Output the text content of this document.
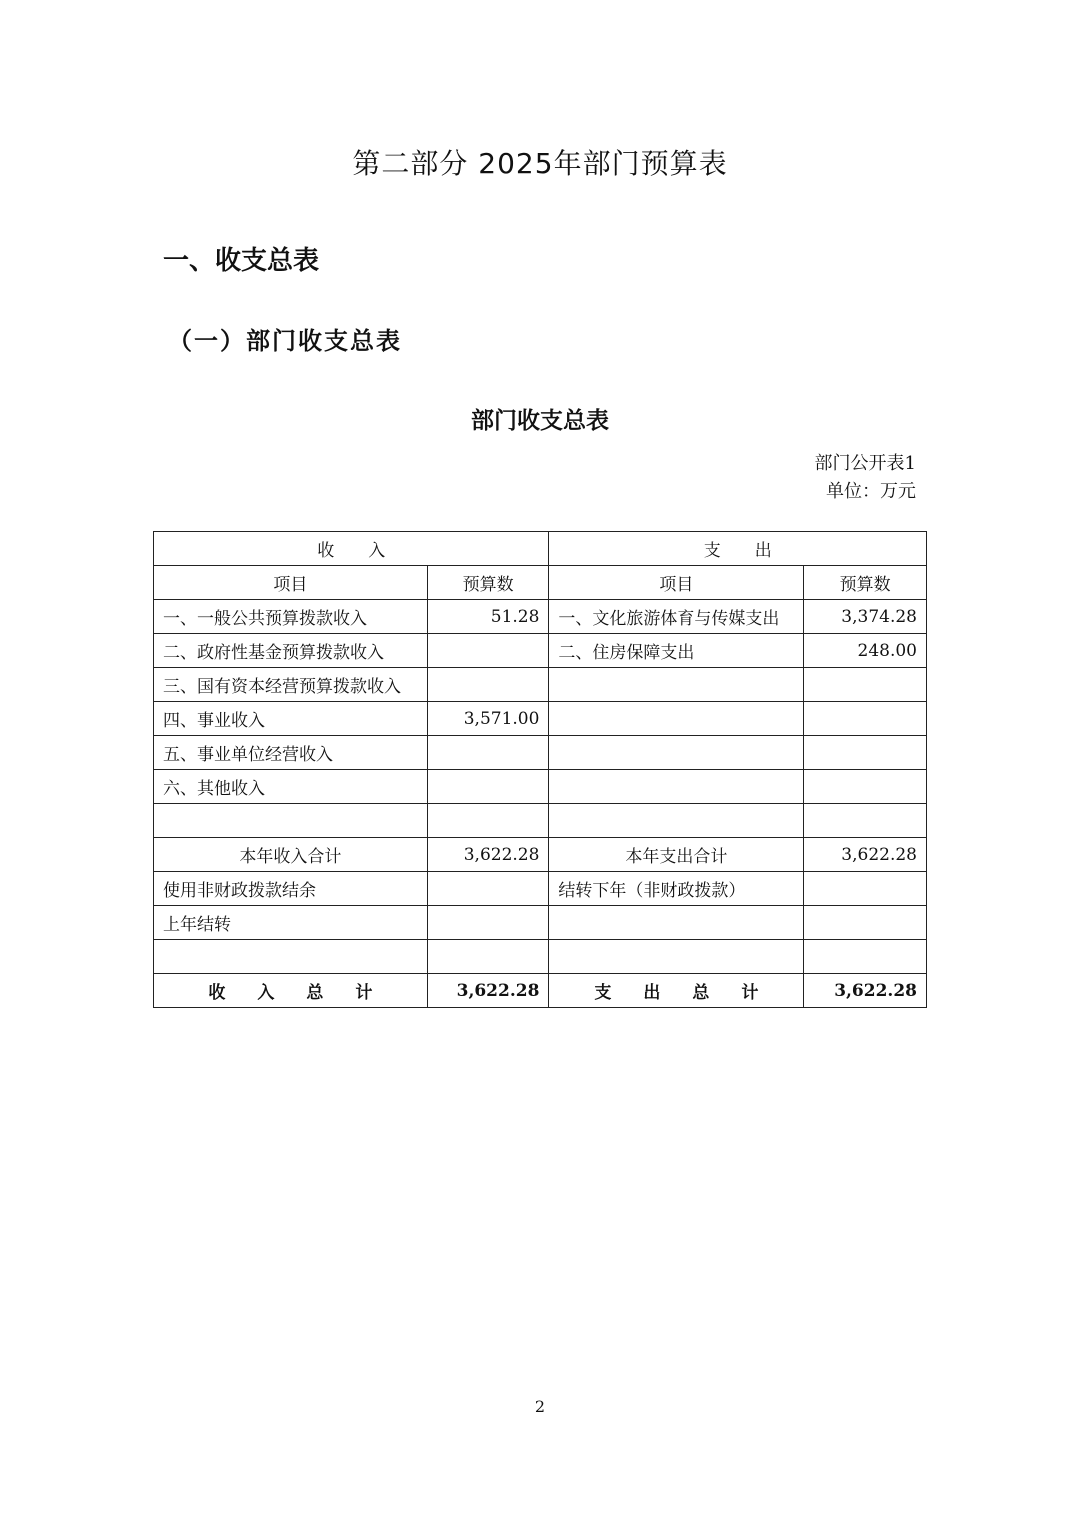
第二部分 2025年部门预算表
一、收支总表
（一）部门收支总表
部门收支总表
部门公开表1
单位：万元
收入		支出	
项目	预算数	项目	预算数
一、一般公共预算拨款收入	51.28	一、文化旅游体育与传媒支出	3,374.28
二、政府性基金预算拨款收入		二、住房保障支出	248.00
三、国有资本经营预算拨款收入			
四、事业收入	3,571.00		
五、事业单位经营收入			
六、其他收入			

本年收入合计	3,622.28	本年支出合计	3,622.28
使用非财政拨款结余		结转下年（非财政拨款）	
上年结转			

收入总计	3,622.28	支出总计	3,622.28
2
